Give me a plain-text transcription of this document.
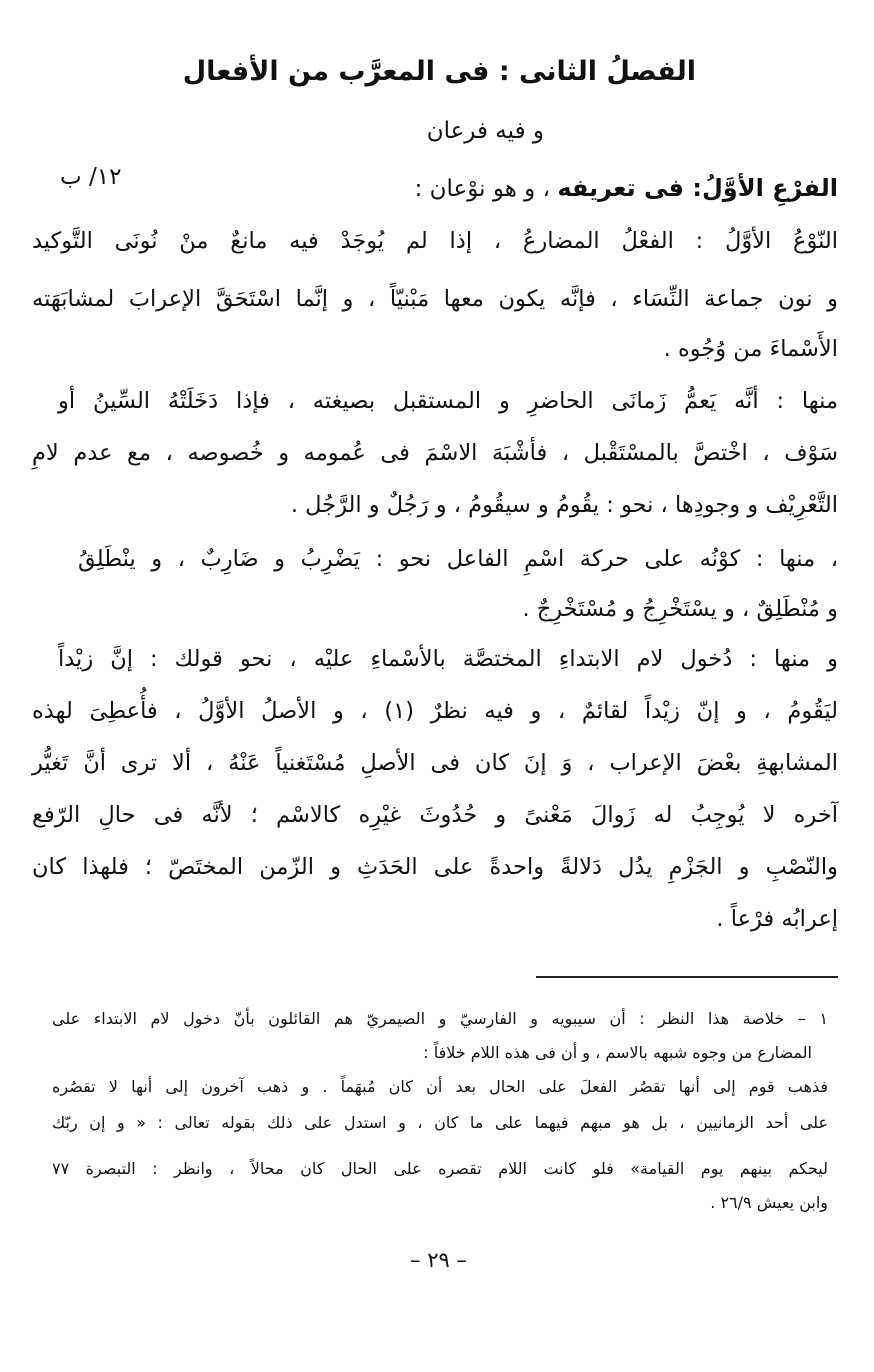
الفصلُ الثانى : فى المعرَّب من الأفعال
و فيه فرعان
١٢/ ب	الفرْعِ الأوَّلُ: فى تعريفه ، و هو نوْعان :
النّوْعُ الأوَّلُ : الفعْلُ المضارعُ ، إذا لم يُوجَدْ فيه مانعٌ منْ نُونَى التَّوكيد
و نون جماعة النِّسَاء ، فإنَّه يكون معها مَبْنيّاً ، و إنَّما اسْتَحَقَّ الإعرابَ لمشابَهَته
الأَسْماءَ من وُجُوه .
منها : أنَّه يَعمُّ زَمانَى الحاضرِ و المستقبل بصيغته ، فإذا دَخَلَتْهُ السِّينُ أو
سَوْف ، اخْتصَّ بالمسْتَقْبل ، فأشْبَهَ الاسْمَ فى عُمومه و خُصوصه ، مع عدم لامِ
التَّعْرِيْف و وجودِها ، نحو : يقُومُ و سيقُومُ ، و رَجُلٌ و الرَّجُل .
، منها : كوْنُه على حركة اسْمِ الفاعل نحو : يَضْرِبُ و ضَارِبٌ ، و ينْطَلِقُ
و مُنْطَلِقٌ ، و يسْتَخْرِجُ و مُسْتَخْرِجٌ .
و منها : دُخول لام الابتداءِ المختصَّة بالأسْماءِ عليْه ، نحو قولك : إنَّ زيْداً
ليَقُومُ ، و إنّ زيْداً لقائمٌ ، و فيه نظرٌ (١) ، و الأصلُ الأوَّلُ ، فأُعطِىَ لهذه
المشابهةِ بعْضَ الإعراب ، وَ إنَ كان فى الأصلِ مُسْتَغنياً عَنْهُ ، ألا ترى أنَّ تَغيُّر
آخره لا يُوجِبُ له زَوالَ مَعْنىً و حُدُوثَ غيْرِه كالاسْم ؛ لأنَّه فى حالِ الرّفع
والنّصْبِ و الجَزْمِ يدُل دَلالةً واحدةً على الحَدَثِ و الزّمن المختَصّ ؛ فلهذا كان
إعرابُه فرْعاً .
١ – خلاصة هذا النظر : أن سيبويه و الفارسيّ و الصيمريّ هم القائلون بأنّ دخول لام الابتداء على
المضارع من وجوه شبهه بالاسم ، و أن فى هذه اللام خلافاً :
فذهب قوم إلى أنها تقصُر الفعلَ على الحال بعد أن كان مُبهَماً . و ذهب آخرون إلى أنها لا تقصُره
على أحد الزمانيين ، بل هو مبهم فيهما على ما كان ، و استدل على ذلك بقوله تعالى : « و إن ربّك
ليحكم بينهم يوم القيامة» فلو كانت اللام تقصره على الحال كان محالاً ، وانظر : التبصرة ٧٧
وابن يعيش ٢٦/٩ .
– ٢٩ –
